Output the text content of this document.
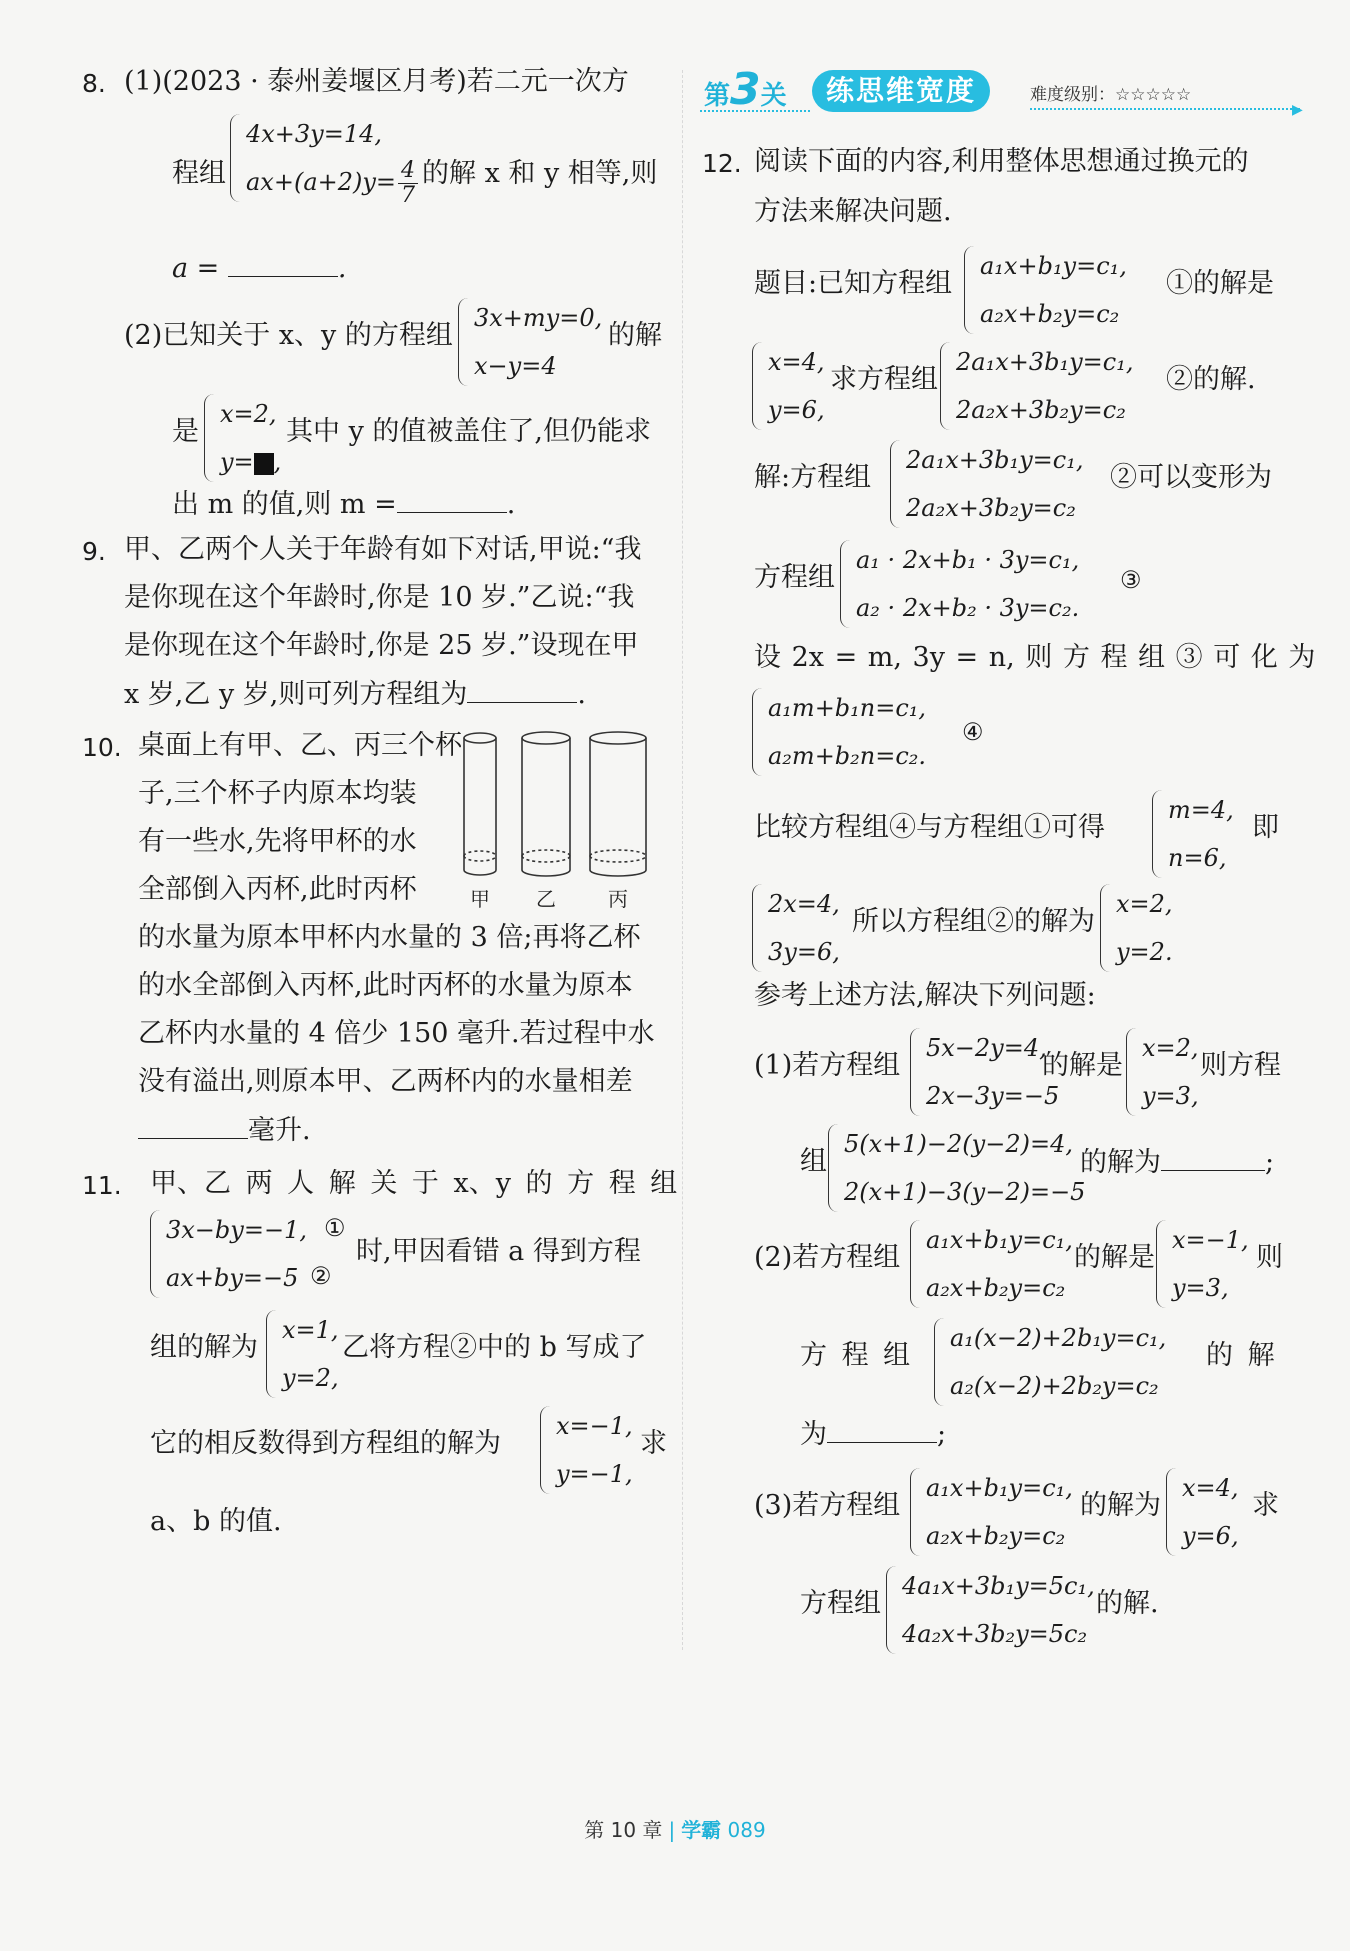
8. (1)(2023 · 泰州姜堰区月考)若二元一次方
程组
4x+3y=14,
$ax+(a+2)y= \frac{4}{7}$ 的解 x 和 y 相等,则
a =	.
(2)已知关于 x、y 的方程组
3x+my=0,
x−y=4
的解
是
x=2,
y= ,
其中 y 的值被盖住了,但仍能求
出 m 的值,则 m =	.
9. 甲、乙两个人关于年龄有如下对话,甲说:“我
是你现在这个年龄时,你是 10 岁.”乙说:“我
是你现在这个年龄时,你是 25 岁.”设现在甲
x 岁,乙 y 岁,则可列方程组为	.
10. 桌面上有甲、乙、丙三个杯
子,三个杯子内原本均装
有一些水,先将甲杯的水
全部倒入丙杯,此时丙杯	甲 乙	丙
的水量为原本甲杯内水量的 3 倍;再将乙杯
的水全部倒入丙杯,此时丙杯的水量为原本
乙杯内水量的 4 倍少 150 毫升.若过程中水
没有溢出,则原本甲、乙两杯内的水量相差
毫升.
11. 甲、乙 两 人 解 关 于 x、y 的 方 程 组
3x−by=−1,
ax+by=−5
①
②
时,甲因看错 a 得到方程
组的解为
x=1,
y=2,
乙将方程②中的 b 写成了
它的相反数得到方程组的解为
x=−1,
y=−1,
求
a、b 的值.
第3关	练思维宽度	难度级别：☆☆☆☆☆
▶
12. 阅读下面的内容,利用整体思想通过换元的
方法来解决问题.
题目:已知方程组
a₁x+b₁y=c₁,
a₂x+b₂y=c₂
①的解是
x=4,
y=6,
求方程组
2a₁x+3b₁y=c₁,
2a₂x+3b₂y=c₂
②的解.
解:方程组
2a₁x+3b₁y=c₁,
2a₂x+3b₂y=c₂
②可以变形为
方程组
a₁ · 2x+b₁ · 3y=c₁,
a₂ · 2x+b₂ · 3y=c₂.
③
设 2x = m, 3y = n, 则 方 程 组 ③ 可 化 为
a₁m+b₁n=c₁,
a₂m+b₂n=c₂.
④
比较方程组④与方程组①可得
m=4,
n=6,
即
2x=4,
3y=6,
所以方程组②的解为
x=2,
y=2.
参考上述方法,解决下列问题:
(1)若方程组
5x−2y=4,
2x−3y=−5
的解是
x=2,
y=3,
则方程
组
5(x+1)−2(y−2)=4,
2(x+1)−3(y−2)=−5
的解为	;
(2)若方程组
a₁x+b₁y=c₁,
a₂x+b₂y=c₂
的解是
x=−1,
y=3,
则
方 程 组
a₁(x−2)+2b₁y=c₁,
a₂(x−2)+2b₂y=c₂
的 解
为	;
(3)若方程组
a₁x+b₁y=c₁,
a₂x+b₂y=c₂
的解为
x=4,
y=6,
求
方程组
4a₁x+3b₁y=5c₁,
4a₂x+3b₂y=5c₂
的解.
第 10 章 | 学霸 089
